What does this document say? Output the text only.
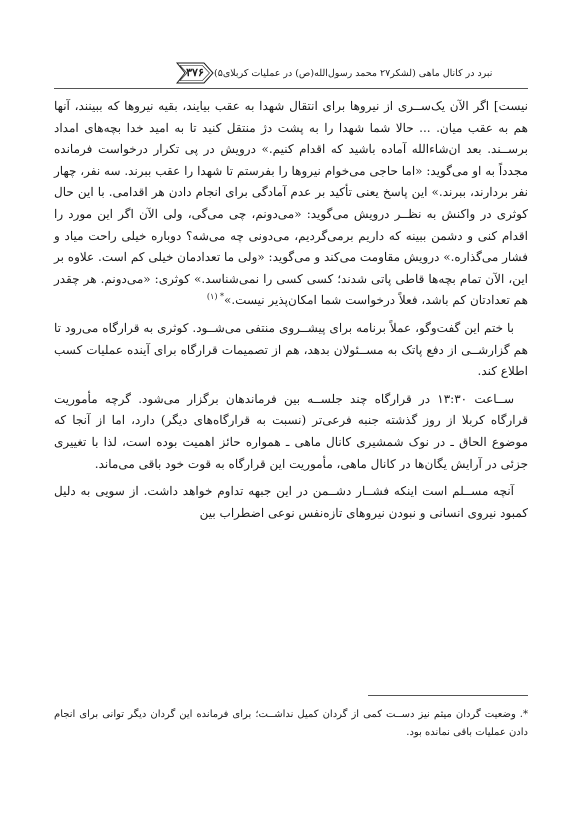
۳۷۶	نبرد در کانال ماهی (لشکر۲۷ محمد رسول‌الله(ص) در عملیات کربلای۵)

نیست] اگر الآن یک‌ســری از نیروها برای انتقال شهدا به عقب بیایند، بقیه نیروها که ببینند، آنها هم به عقب میان. ... حالا شما شهدا را به پشت دژ منتقل کنید تا به امید خدا بچه‌های امداد برســند. بعد ان‌شاءالله آماده باشید که اقدام کنیم.» درویش در پی تکرار درخواست فرمانده مجدداً به او می‌گوید: «اما حاجی می‌خوام نیروها را بفرستم تا شهدا را عقب ببرند. سه نفر، چهار نفر بردارند، ببرند.» این پاسخ یعنی تأکید بر عدم آمادگی برای انجام دادن هر اقدامی. با این حال کوثری در واکنش به نظــر درویش می‌گوید: «می‌دونم، چی می‌گی، ولی الآن اگر این مورد را اقدام کنی و دشمن ببینه که داریم برمی‌گردیم، می‌دونی چه می‌شه؟ دوباره خیلی راحت میاد و فشار می‌گذاره.» درویش مقاومت می‌کند و می‌گوید: «ولی ما تعدادمان خیلی کم است. علاوه بر این، الآن تمام بچه‌ها قاطی پاتی شدند؛ کسی کسی را نمی‌شناسد.» کوثری: «می‌دونم. هر چقدر هم تعدادتان کم باشد، فعلاً درخواست شما امکان‌پذیر نیست.»$^{* (۱)}$

با ختم این گفت‌وگو، عملاً برنامه برای پیشــروی منتفی می‌شــود. کوثری به قرارگاه می‌رود تا هم گزارشــی از دفع پاتک به مســئولان بدهد، هم از تصمیمات قرارگاه برای آینده عملیات کسب اطلاع کند.

ســاعت ۱۳:۳۰ در قرارگاه چند جلســه بین فرماندهان برگزار می‌شود. گرچه مأموریت قرارگاه کربلا از روز گذشته جنبه فرعی‌تر (نسبت به قرارگاه‌های دیگر) دارد، اما از آنجا که موضوع الحاق ـ در نوک شمشیری کانال ماهی ـ همواره حائز اهمیت بوده است، لذا با تغییری جزئی در آرایش یگان‌ها در کانال ماهی، مأموریت این قرارگاه به قوت خود باقی می‌ماند.

آنچه مســلم است اینکه فشــار دشــمن در این جبهه تداوم خواهد داشت. از سویی به دلیل کمبود نیروی انسانی و نبودن نیروهای تازه‌نفس نوعی اضطراب بین

*. وضعیت گردان میثم نیز دســت کمی از گردان کمیل نداشــت؛ برای فرمانده این گردان دیگر توانی برای انجام دادن عملیات باقی نمانده بود.
